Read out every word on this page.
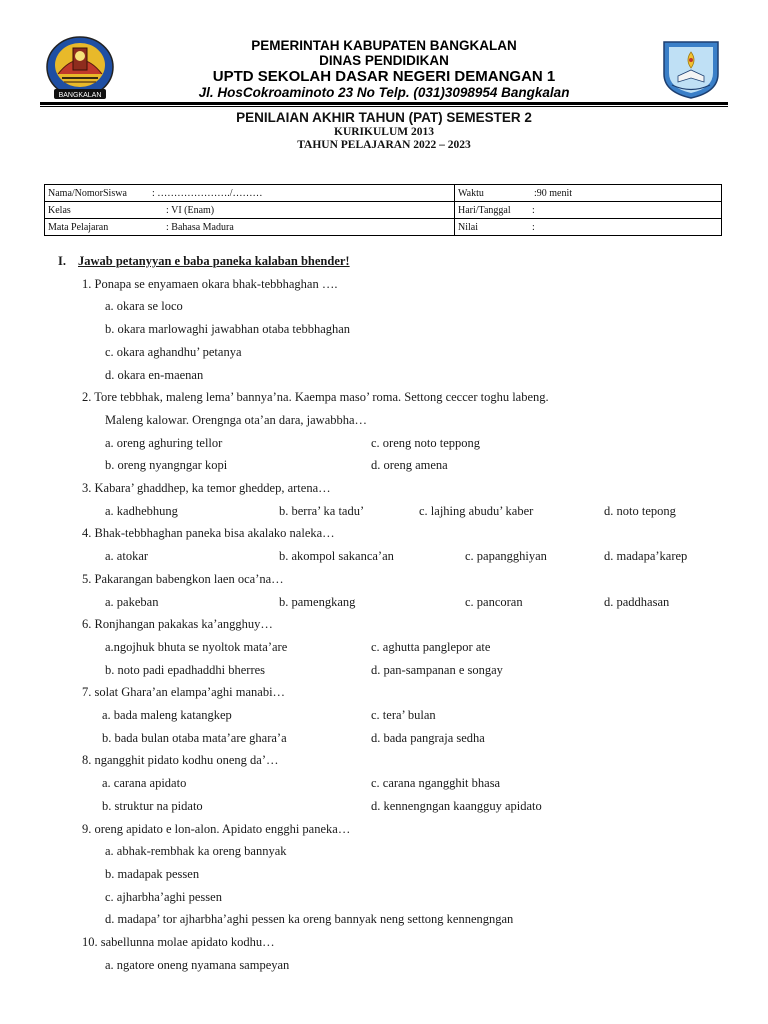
BANGKALAN
PEMERINTAH KABUPATEN BANGKALAN
DINAS PENDIDIKAN
UPTD SEKOLAH DASAR NEGERI DEMANGAN 1
Jl. HosCokroaminoto 23 No Telp. (031)3098954 Bangkalan
PENILAIAN AKHIR TAHUN (PAT) SEMESTER 2
KURIKULUM 2013
TAHUN PELAJARAN 2022 – 2023
Nama/NomorSiswa : …………………./………	Waktu :90 menit
Kelas : VI (Enam)	Hari/Tanggal :
Mata Pelajaran : Bahasa Madura	Nilai :
I. Jawab petanyyan e baba paneka kalaban bhender!
1. Ponapa se enyamaen okara bhak-tebbhaghan ….
a. okara se loco
b. okara marlowaghi jawabhan otaba tebbhaghan
c. okara aghandhu’ petanya
d. okara en-maenan
2. Tore tebbhak, maleng lema’ bannya’na. Kaempa maso’ roma. Settong ceccer toghu labeng.
Maleng kalowar. Orengnga ota’an dara, jawabbha…
a. oreng aghuring tellor	c. oreng noto teppong
b. oreng nyangngar kopi	d. oreng amena
3. Kabara’ ghaddhep, ka temor gheddep, artena…
a. kadhebhung	b. berra’ ka tadu’	c. lajhing abudu’ kaber	d. noto tepong
4. Bhak-tebbhaghan paneka bisa akalako naleka…
a. atokar	b. akompol sakanca’an	c. papangghiyan	d. madapa’karep
5. Pakarangan babengkon laen oca’na…
a. pakeban	b. pamengkang	c. pancoran	d. paddhasan
6. Ronjhangan pakakas ka’angghuy…
a.ngojhuk bhuta se nyoltok mata’are	c. aghutta panglepor ate
b. noto padi epadhaddhi bherres	d. pan-sampanan e songay
7. solat Ghara’an elampa’aghi manabi…
a. bada maleng katangkep	c. tera’ bulan
b. bada bulan otaba mata’are ghara’a	d. bada pangraja sedha
8. ngangghit pidato kodhu oneng da’…
a. carana apidato	c. carana ngangghit bhasa
b. struktur na pidato	d. kennengngan kaangguy apidato
9. oreng apidato e lon-alon. Apidato engghi paneka…
a. abhak-rembhak ka oreng bannyak
b. madapak pessen
c. ajharbha’aghi pessen
d. madapa’ tor ajharbha’aghi pessen ka oreng bannyak neng settong kennengngan
10. sabellunna molae apidato kodhu…
a. ngatore oneng nyamana sampeyan
